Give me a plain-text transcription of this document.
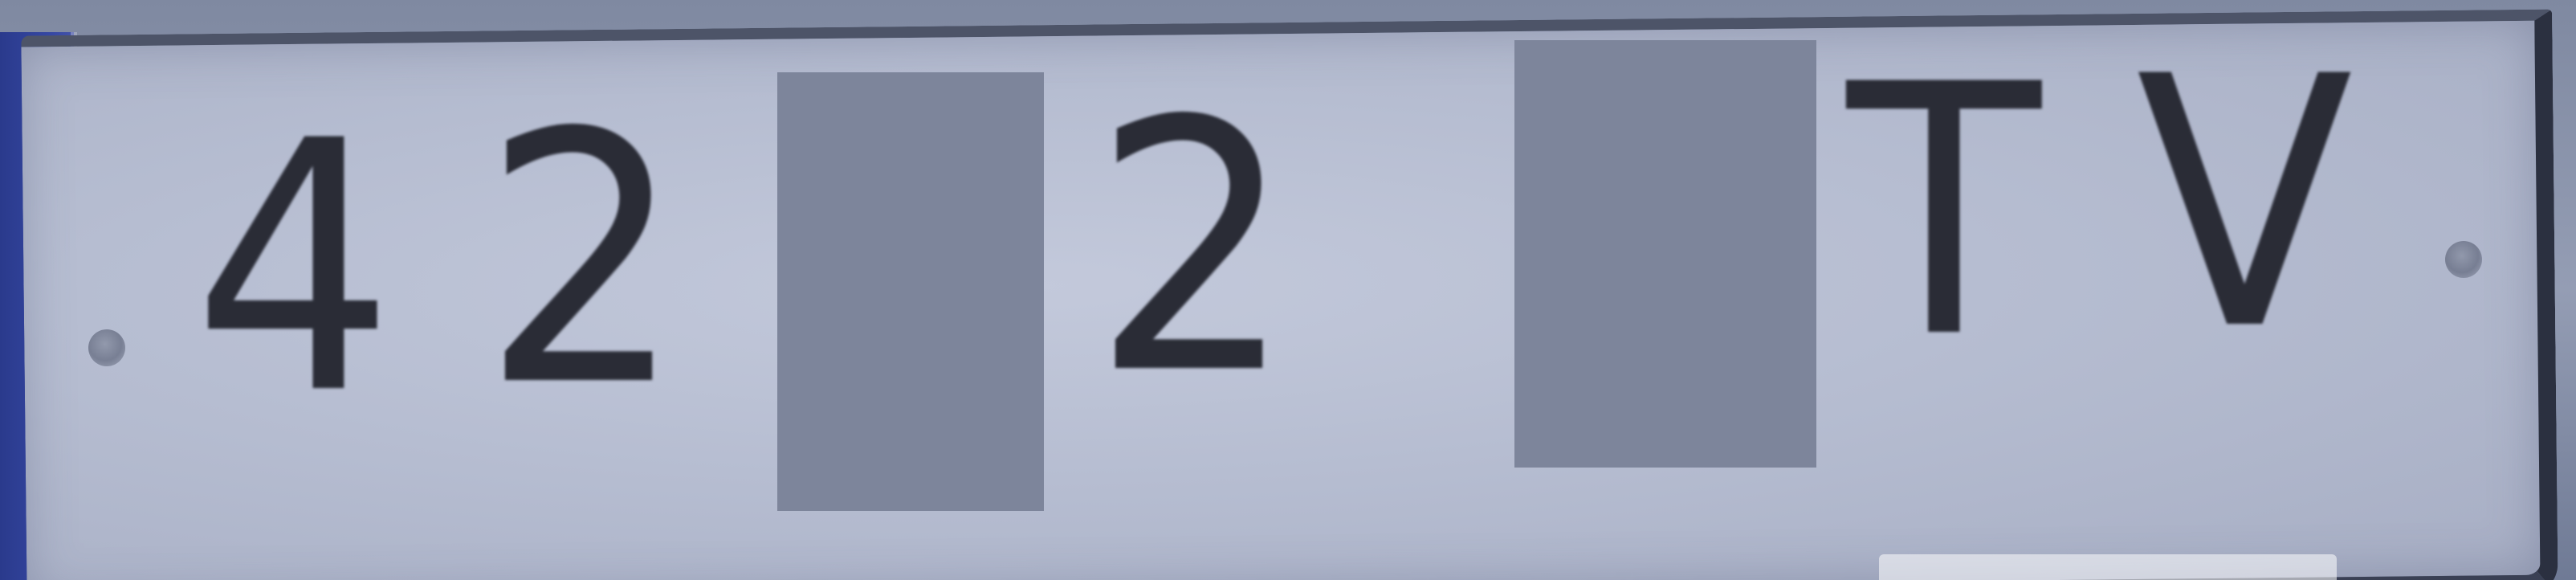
4 2 2 T V
